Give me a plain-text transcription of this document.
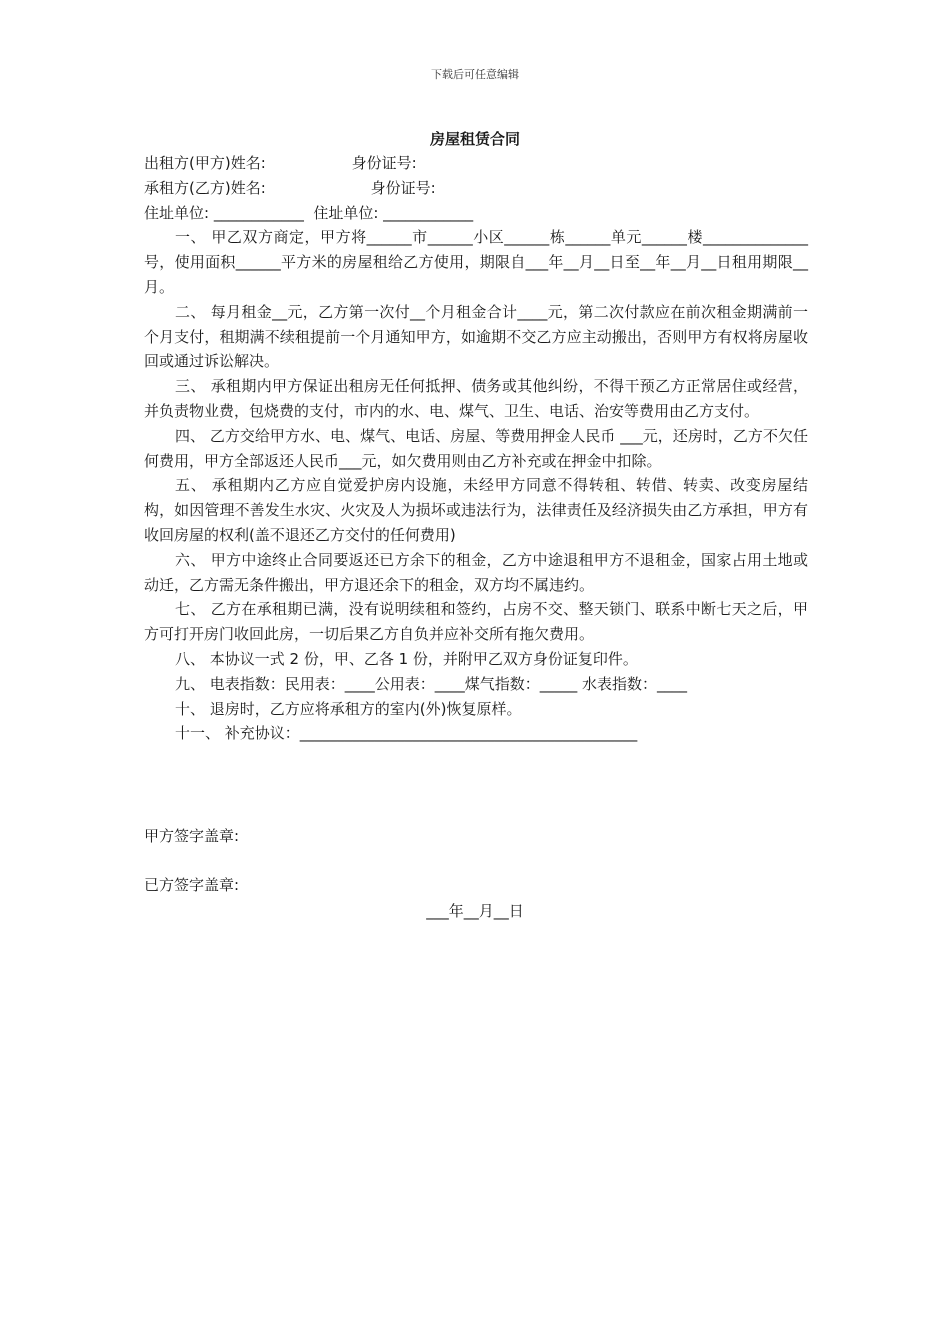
下载后可任意编辑
房屋租赁合同
出租方(甲方)姓名:                  身份证号:
承租方(乙方)姓名:                      身份证号:
住址单位: ____________  住址单位: ____________
一、 甲乙双方商定，甲方将______市______小区______栋______单元______楼______________号，使用面积______平方米的房屋租给乙方使用，期限自___年__月__日至__年__月__日租用期限__月。
二、 每月租金__元，乙方第一次付__个月租金合计____元，第二次付款应在前次租金期满前一个月支付，租期满不续租提前一个月通知甲方，如逾期不交乙方应主动搬出，否则甲方有权将房屋收回或通过诉讼解决。
三、 承租期内甲方保证出租房无任何抵押、债务或其他纠纷，不得干预乙方正常居住或经营，并负责物业费，包烧费的支付，市内的水、电、煤气、卫生、电话、治安等费用由乙方支付。
四、 乙方交给甲方水、电、煤气、电话、房屋、等费用押金人民币 ___元，还房时，乙方不欠任何费用，甲方全部返还人民币___元，如欠费用则由乙方补充或在押金中扣除。
五、 承租期内乙方应自觉爱护房内设施，未经甲方同意不得转租、转借、转卖、改变房屋结构，如因管理不善发生水灾、火灾及人为损坏或违法行为，法律责任及经济损失由乙方承担，甲方有收回房屋的权利(盖不退还乙方交付的任何费用)
六、 甲方中途终止合同要返还已方余下的租金，乙方中途退租甲方不退租金，国家占用土地或动迁，乙方需无条件搬出，甲方退还余下的租金，双方均不属违约。
七、 乙方在承租期已满，没有说明续租和签约，占房不交、整天锁门、联系中断七天之后，甲方可打开房门收回此房，一切后果乙方自负并应补交所有拖欠费用。
八、 本协议一式 2 份，甲、乙各 1 份，并附甲乙双方身份证复印件。
九、 电表指数：民用表：____公用表：____煤气指数：_____ 水表指数：____
十、 退房时，乙方应将承租方的室内(外)恢复原样。
十一、 补充协议：_____________________________________________
甲方签字盖章:
已方签字盖章:
___年__月__日
